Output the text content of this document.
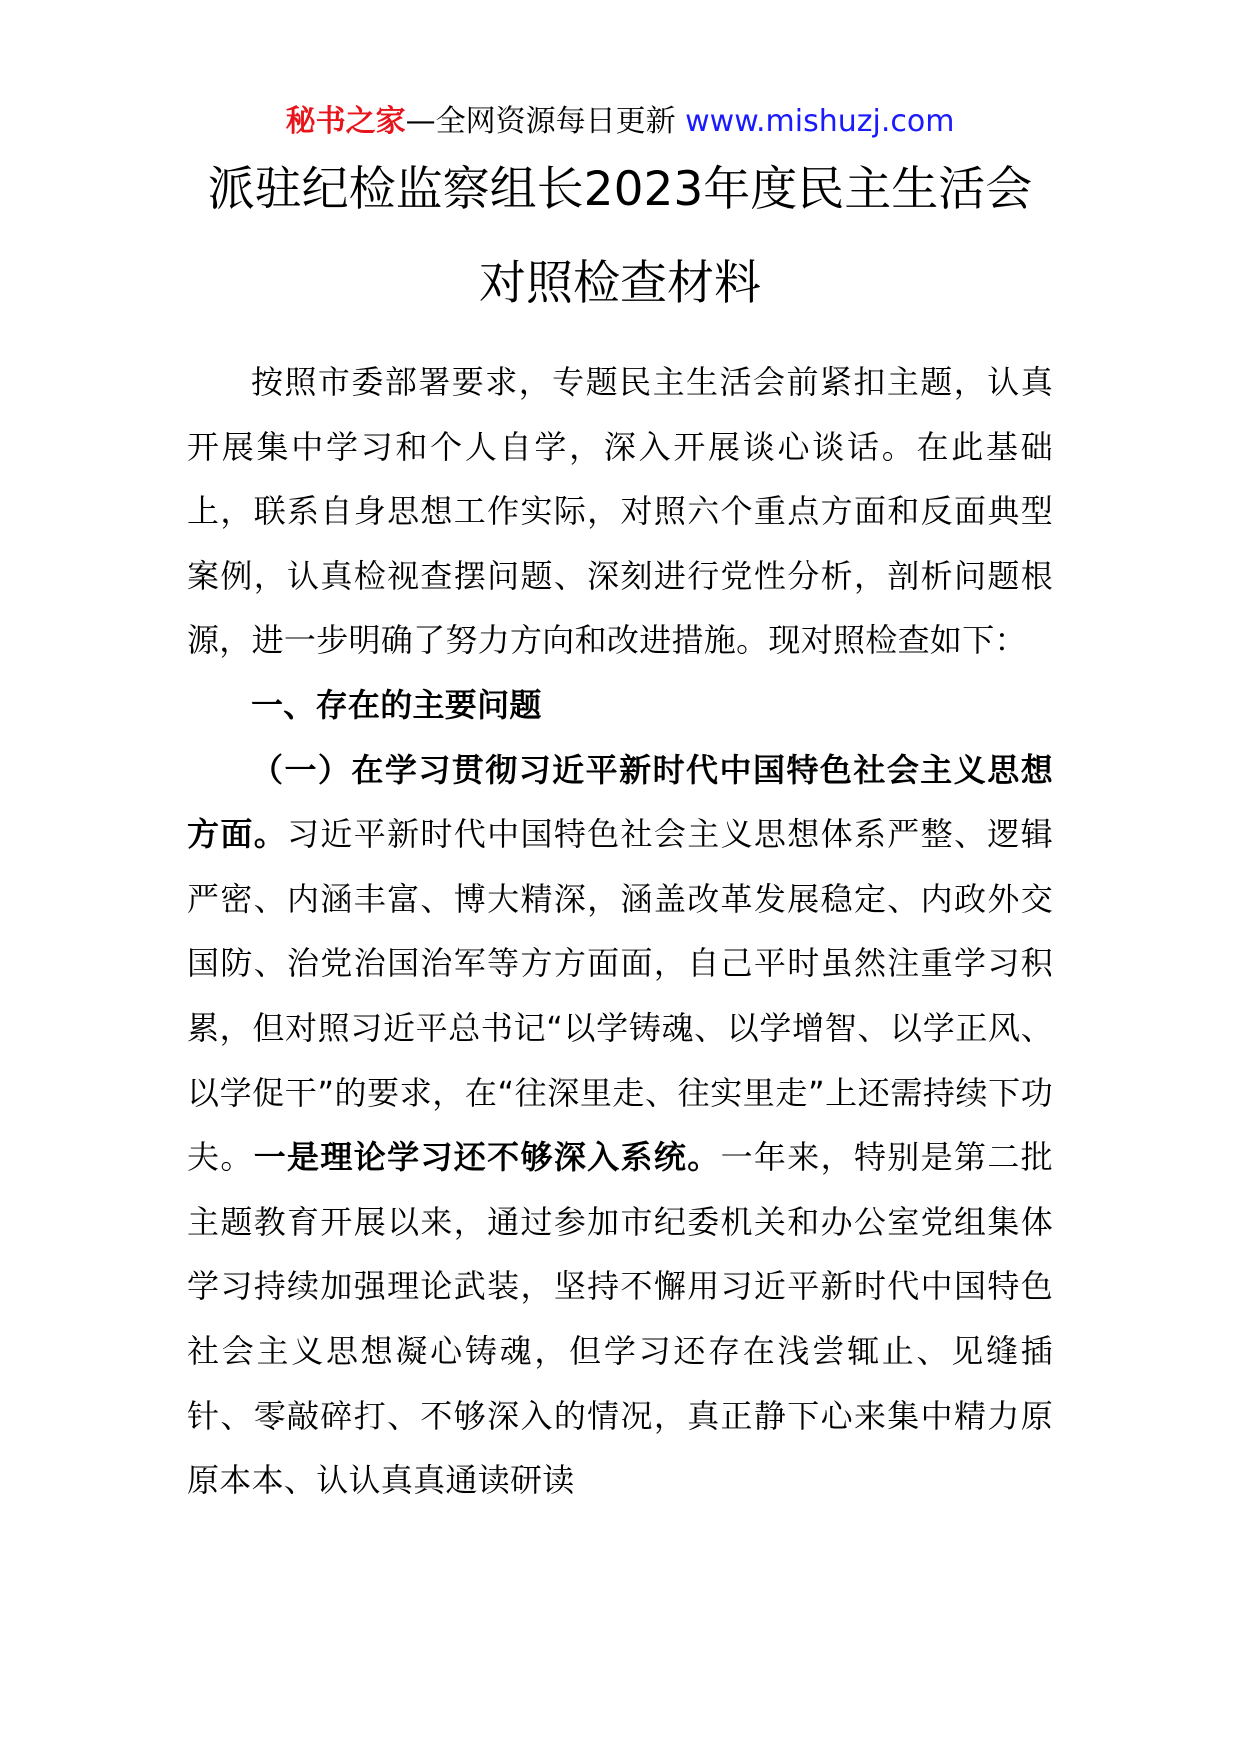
秘书之家—全网资源每日更新 www.mishuzj.com
派驻纪检监察组长2023年度民主生活会
对照检查材料

按照市委部署要求，专题民主生活会前紧扣主题，认真开展集中学习和个人自学，深入开展谈心谈话。在此基础上，联系自身思想工作实际，对照六个重点方面和反面典型案例，认真检视查摆问题、深刻进行党性分析，剖析问题根源，进一步明确了努力方向和改进措施。现对照检查如下：

一、存在的主要问题

（一）在学习贯彻习近平新时代中国特色社会主义思想方面。习近平新时代中国特色社会主义思想体系严整、逻辑严密、内涵丰富、博大精深，涵盖改革发展稳定、内政外交国防、治党治国治军等方方面面，自己平时虽然注重学习积累，但对照习近平总书记“以学铸魂、以学增智、以学正风、以学促干”的要求，在“往深里走、往实里走”上还需持续下功夫。一是理论学习还不够深入系统。一年来，特别是第二批主题教育开展以来，通过参加市纪委机关和办公室党组集体学习持续加强理论武装，坚持不懈用习近平新时代中国特色社会主义思想凝心铸魂，但学习还存在浅尝辄止、见缝插针、零敲碎打、不够深入的情况，真正静下心来集中精力原原本本、认认真真通读研读
